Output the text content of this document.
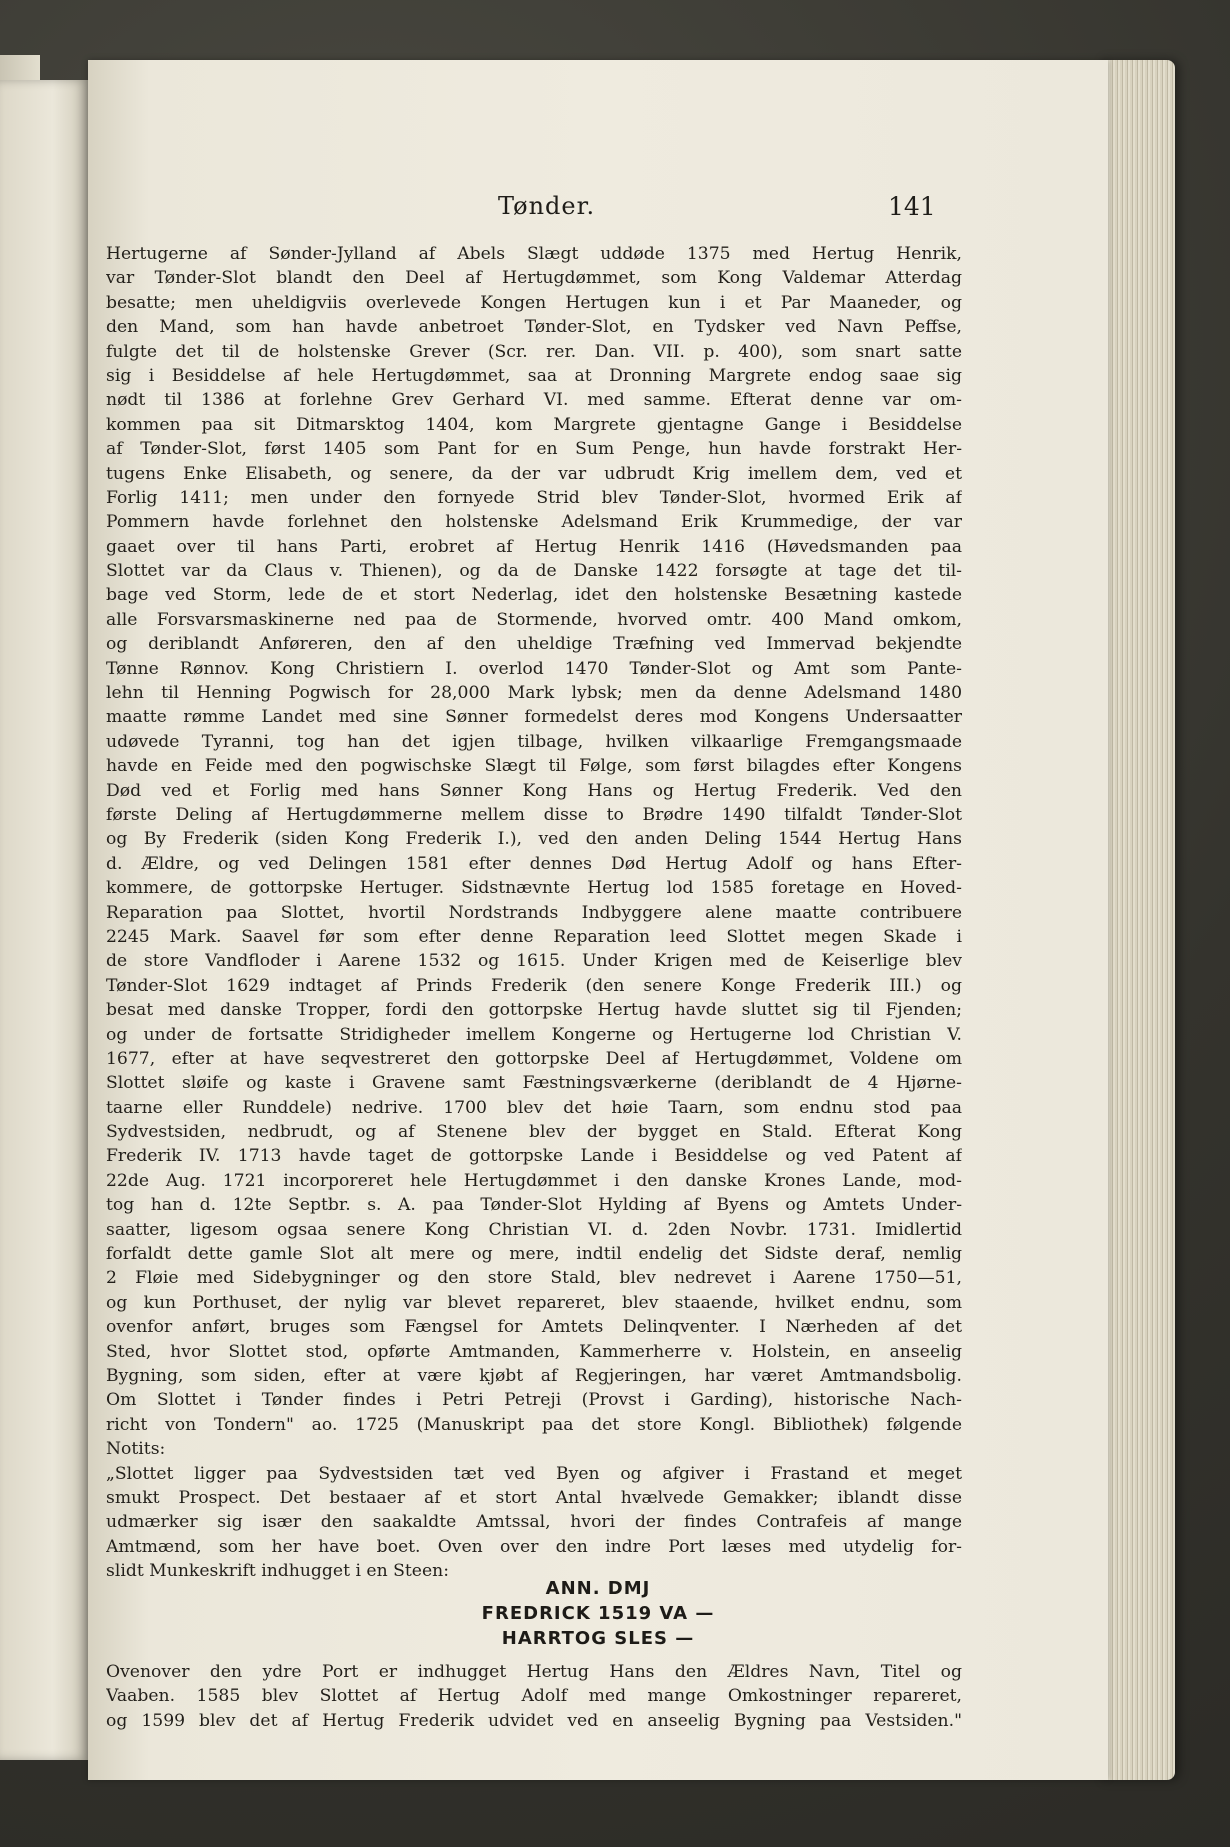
Tønder.	141
Hertugerne af Sønder-Jylland af Abels Slægt uddøde 1375 med Hertug Henrik,
var Tønder-Slot blandt den Deel af Hertugdømmet, som Kong Valdemar Atterdag
besatte; men uheldigviis overlevede Kongen Hertugen kun i et Par Maaneder, og
den Mand, som han havde anbetroet Tønder-Slot, en Tydsker ved Navn Peffse,
fulgte det til de holstenske Grever (Scr. rer. Dan. VII. p. 400), som snart satte
sig i Besiddelse af hele Hertugdømmet, saa at Dronning Margrete endog saae sig
nødt til 1386 at forlehne Grev Gerhard VI. med samme. Efterat denne var om-
kommen paa sit Ditmarsktog 1404, kom Margrete gjentagne Gange i Besiddelse
af Tønder-Slot, først 1405 som Pant for en Sum Penge, hun havde forstrakt Her-
tugens Enke Elisabeth, og senere, da der var udbrudt Krig imellem dem, ved et
Forlig 1411; men under den fornyede Strid blev Tønder-Slot, hvormed Erik af
Pommern havde forlehnet den holstenske Adelsmand Erik Krummedige, der var
gaaet over til hans Parti, erobret af Hertug Henrik 1416 (Høvedsmanden paa
Slottet var da Claus v. Thienen), og da de Danske 1422 forsøgte at tage det til-
bage ved Storm, lede de et stort Nederlag, idet den holstenske Besætning kastede
alle Forsvarsmaskinerne ned paa de Stormende, hvorved omtr. 400 Mand omkom,
og deriblandt Anføreren, den af den uheldige Træfning ved Immervad bekjendte
Tønne Rønnov. Kong Christiern I. overlod 1470 Tønder-Slot og Amt som Pante-
lehn til Henning Pogwisch for 28,000 Mark lybsk; men da denne Adelsmand 1480
maatte rømme Landet med sine Sønner formedelst deres mod Kongens Undersaatter
udøvede Tyranni, tog han det igjen tilbage, hvilken vilkaarlige Fremgangsmaade
havde en Feide med den pogwischske Slægt til Følge, som først bilagdes efter Kongens
Død ved et Forlig med hans Sønner Kong Hans og Hertug Frederik. Ved den
første Deling af Hertugdømmerne mellem disse to Brødre 1490 tilfaldt Tønder-Slot
og By Frederik (siden Kong Frederik I.), ved den anden Deling 1544 Hertug Hans
d. Ældre, og ved Delingen 1581 efter dennes Død Hertug Adolf og hans Efter-
kommere, de gottorpske Hertuger. Sidstnævnte Hertug lod 1585 foretage en Hoved-
Reparation paa Slottet, hvortil Nordstrands Indbyggere alene maatte contribuere
2245 Mark. Saavel før som efter denne Reparation leed Slottet megen Skade i
de store Vandfloder i Aarene 1532 og 1615. Under Krigen med de Keiserlige blev
Tønder-Slot 1629 indtaget af Prinds Frederik (den senere Konge Frederik III.) og
besat med danske Tropper, fordi den gottorpske Hertug havde sluttet sig til Fjenden;
og under de fortsatte Stridigheder imellem Kongerne og Hertugerne lod Christian V.
1677, efter at have seqvestreret den gottorpske Deel af Hertugdømmet, Voldene om
Slottet sløife og kaste i Gravene samt Fæstningsværkerne (deriblandt de 4 Hjørne-
taarne eller Runddele) nedrive. 1700 blev det høie Taarn, som endnu stod paa
Sydvestsiden, nedbrudt, og af Stenene blev der bygget en Stald. Efterat Kong
Frederik IV. 1713 havde taget de gottorpske Lande i Besiddelse og ved Patent af
22de Aug. 1721 incorporeret hele Hertugdømmet i den danske Krones Lande, mod-
tog han d. 12te Septbr. s. A. paa Tønder-Slot Hylding af Byens og Amtets Under-
saatter, ligesom ogsaa senere Kong Christian VI. d. 2den Novbr. 1731. Imidlertid
forfaldt dette gamle Slot alt mere og mere, indtil endelig det Sidste deraf, nemlig
2 Fløie med Sidebygninger og den store Stald, blev nedrevet i Aarene 1750—51,
og kun Porthuset, der nylig var blevet repareret, blev staaende, hvilket endnu, som
ovenfor anført, bruges som Fængsel for Amtets Delinqventer. I Nærheden af det
Sted, hvor Slottet stod, opførte Amtmanden, Kammerherre v. Holstein, en anseelig
Bygning, som siden, efter at være kjøbt af Regjeringen, har været Amtmandsbolig.
Om Slottet i Tønder findes i Petri Petreji (Provst i Garding), historische Nach-
richt von Tondern" ao. 1725 (Manuskript paa det store Kongl. Bibliothek) følgende
Notits:
„Slottet ligger paa Sydvestsiden tæt ved Byen og afgiver i Frastand et meget
smukt Prospect. Det bestaaer af et stort Antal hvælvede Gemakker; iblandt disse
udmærker sig især den saakaldte Amtssal, hvori der findes Contrafeis af mange
Amtmænd, som her have boet. Oven over den indre Port læses med utydelig for-
slidt Munkeskrift indhugget i en Steen:
ANN. DMJ
FREDRICK 1519 VA —
HARRTOG SLES —
Ovenover den ydre Port er indhugget Hertug Hans den Ældres Navn, Titel og
Vaaben. 1585 blev Slottet af Hertug Adolf med mange Omkostninger repareret,
og 1599 blev det af Hertug Frederik udvidet ved en anseelig Bygning paa Vestsiden."
